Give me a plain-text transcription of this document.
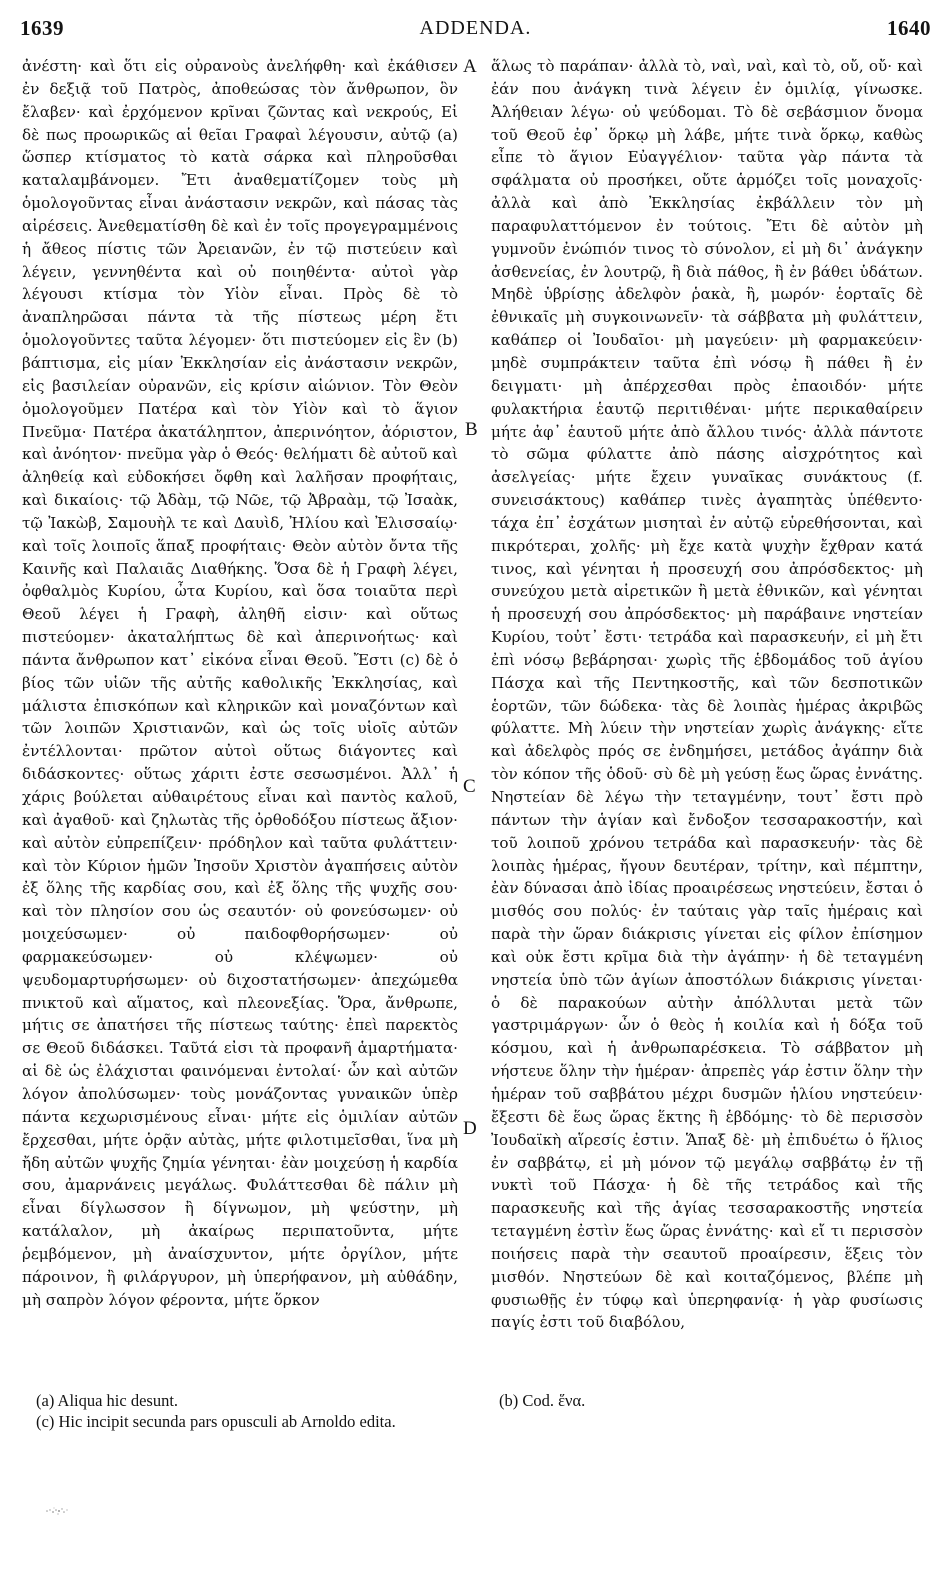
1639	ADDENDA.	1640

ἀνέστη· καὶ ὅτι εἰς οὐρανοὺς ἀνελήφθη· καὶ ἐκάθισεν ἐν δεξιᾷ τοῦ Πατρὸς, ἀποθεώσας τὸν ἄνθρωπον, ὃν ἔλαβεν· καὶ ἐρχόμενον κρῖναι ζῶντας καὶ νεκρούς, Εἰ δὲ πως προωρικῶς αἱ θεῖαι Γραφαὶ λέγουσιν, αὐτῷ (a) ὥσπερ κτίσματος τὸ κατὰ σάρκα καὶ πληροῦσθαι καταλαμβάνομεν. Ἔτι ἀναθεματίζομεν τοὺς μὴ ὁμολογοῦντας εἶναι ἀνάστασιν νεκρῶν, καὶ πάσας τὰς αἱρέσεις. Ἀνεθεματίσθη δὲ καὶ ἐν τοῖς προγεγραμμένοις ἡ ἄθεος πίστις τῶν Ἀρειανῶν, ἐν τῷ πιστεύειν καὶ λέγειν, γεννηθέντα καὶ οὐ ποιηθέντα· αὐτοὶ γὰρ λέγουσι κτίσμα τὸν Υἱὸν εἶναι. Πρὸς δὲ τὸ ἀναπληρῶσαι πάντα τὰ τῆς πίστεως μέρη ἔτι ὁμολογοῦντες ταῦτα λέγομεν· ὅτι πιστεύομεν εἰς ἓν (b) βάπτισμα, εἰς μίαν Ἐκκλησίαν εἰς ἀνάστασιν νεκρῶν, εἰς βασιλείαν οὐρανῶν, εἰς κρίσιν αἰώνιον. Τὸν Θεὸν ὁμολογοῦμεν Πατέρα καὶ τὸν Υἱὸν καὶ τὸ ἅγιον Πνεῦμα· Πατέρα ἀκατάληπτον, ἀπερινόητον, ἀόριστον, καὶ ἀνόητον· πνεῦμα γὰρ ὁ Θεός· θελήματι δὲ αὐτοῦ καὶ ἀληθείᾳ καὶ εὐδοκήσει ὄφθη καὶ λαλῆσαν προφήταις, καὶ δικαίοις· τῷ Ἀδὰμ, τῷ Νῶε, τῷ Ἀβραὰμ, τῷ Ἰσαὰκ, τῷ Ἰακὼβ, Σαμουὴλ τε καὶ Δαυὶδ, Ἠλίου καὶ Ἐλισσαίῳ· καὶ τοῖς λοιποῖς ἅπαξ προφήταις· Θεὸν αὐτὸν ὄντα τῆς Καινῆς καὶ Παλαιᾶς Διαθήκης. Ὅσα δὲ ἡ Γραφὴ λέγει, ὀφθαλμὸς Κυρίου, ὦτα Κυρίου, καὶ ὅσα τοιαῦτα περὶ Θεοῦ λέγει ἡ Γραφὴ, ἀληθῆ εἰσιν· καὶ οὕτως πιστεύομεν· ἀκαταλήπτως δὲ καὶ ἀπερινοήτως· καὶ πάντα ἄνθρωπον κατ᾽ εἰκόνα εἶναι Θεοῦ. Ἔστι (c) δὲ ὁ βίος τῶν υἱῶν τῆς αὐτῆς καθολικῆς Ἐκκλησίας, καὶ μάλιστα ἐπισκόπων καὶ κληρικῶν καὶ μοναζόντων καὶ τῶν λοιπῶν Χριστιανῶν, καὶ ὡς τοῖς υἱοῖς αὐτῶν ἐντέλλονται· πρῶτον αὐτοὶ οὕτως διάγοντες καὶ διδάσκοντες· οὕτως χάριτι ἐστε σεσωσμένοι. Ἀλλ᾽ ἡ χάρις βούλεται αὐθαιρέτους εἶναι καὶ παντὸς καλοῦ, καὶ ἀγαθοῦ· καὶ ζηλωτὰς τῆς ὀρθοδόξου πίστεως ἄξιον· καὶ αὐτὸν εὐπρεπίζειν· πρόδηλον καὶ ταῦτα φυλάττειν· καὶ τὸν Κύριον ἡμῶν Ἰησοῦν Χριστὸν ἀγαπήσεις αὐτὸν ἐξ ὅλης τῆς καρδίας σου, καὶ ἐξ ὅλης τῆς ψυχῆς σου· καὶ τὸν πλησίον σου ὡς σεαυτόν· οὐ φονεύσωμεν· οὐ μοιχεύσωμεν· οὐ παιδοφθορήσωμεν· οὐ φαρμακεύσωμεν· οὐ κλέψωμεν· οὐ ψευδομαρτυρήσωμεν· οὐ διχοστατήσωμεν· ἀπεχώμεθα πνικτοῦ καὶ αἵματος, καὶ πλεονεξίας. Ὅρα, ἄνθρωπε, μήτις σε ἀπατήσει τῆς πίστεως ταύτης· ἐπεὶ παρεκτὸς σε Θεοῦ διδάσκει. Ταῦτά εἰσι τὰ προφανῆ ἁμαρτήματα· αἱ δὲ ὡς ἐλάχισται φαινόμεναι ἐντολαί· ὧν καὶ αὐτῶν λόγον ἀπολύσωμεν· τοὺς μονάζοντας γυναικῶν ὑπὲρ πάντα κεχωρισμένους εἶναι· μήτε εἰς ὁμιλίαν αὐτῶν ἔρχεσθαι, μήτε ὁρᾷν αὐτὰς, μήτε φιλοτιμεῖσθαι, ἵνα μὴ ἤδη αὐτῶν ψυχῆς ζημία γένηται· ἐὰν μοιχεύσῃ ἡ καρδία σου, ἀμαρνάνεις μεγάλως. Φυλάττεσθαι δὲ πάλιν μὴ εἶναι δίγλωσσον ἢ δίγνωμον, μὴ ψεύστην, μὴ κατάλαλον, μὴ ἀκαίρως περιπατοῦντα, μήτε ῥεμβόμενον, μὴ ἀναίσχυντον, μήτε ὀργίλον, μήτε πάροινον, ἢ φιλάργυρον, μὴ ὑπερήφανον, μὴ αὐθάδην, μὴ σαπρὸν λόγον φέροντα, μήτε ὅρκον

A
B
C
D

ἅλως τὸ παράπαν· ἀλλὰ τὸ, ναὶ, ναὶ, καὶ τὸ, οὔ, οὔ· καὶ ἐάν που ἀνάγκη τινὰ λέγειν ἐν ὁμιλίᾳ, γίνωσκε. Ἀλήθειαν λέγω· οὐ ψεύδομαι. Τὸ δὲ σεβάσμιον ὄνομα τοῦ Θεοῦ ἐφ᾽ ὅρκῳ μὴ λάβε, μήτε τινὰ ὅρκῳ, καθὼς εἶπε τὸ ἅγιον Εὐαγγέλιον· ταῦτα γὰρ πάντα τὰ σφάλματα οὐ προσήκει, οὔτε ἁρμόζει τοῖς μοναχοῖς· ἀλλὰ καὶ ἀπὸ Ἐκκλησίας ἐκβάλλειν τὸν μὴ παραφυλαττόμενον ἐν τούτοις. Ἔτι δὲ αὐτὸν μὴ γυμνοῦν ἐνώπιόν τινος τὸ σύνολον, εἰ μὴ δι᾽ ἀνάγκην ἀσθενείας, ἐν λουτρῷ, ἢ διὰ πάθος, ἢ ἐν βάθει ὑδάτων. Μηδὲ ὑβρίσῃς ἀδελφὸν ῥακὰ, ἢ, μωρόν· ἑορταῖς δὲ ἐθνικαῖς μὴ συγκοινωνεῖν· τὰ σάββατα μὴ φυλάττειν, καθάπερ οἱ Ἰουδαῖοι· μὴ μαγεύειν· μὴ φαρμακεύειν· μηδὲ συμπράκτειν ταῦτα ἐπὶ νόσῳ ἢ πάθει ἢ ἐν δειγματι· μὴ ἀπέρχεσθαι πρὸς ἐπαοιδόν· μήτε φυλακτήρια ἑαυτῷ περιτιθέναι· μήτε περικαθαίρειν μήτε ἀφ᾽ ἑαυτοῦ μήτε ἀπὸ ἄλλου τινός· ἀλλὰ πάντοτε τὸ σῶμα φύλαττε ἀπὸ πάσης αἰσχρότητος καὶ ἀσελγείας· μήτε ἔχειν γυναῖκας συνάκτους (f. συνεισάκτους) καθάπερ τινὲς ἀγαπητὰς ὑπέθεντο· τάχα ἐπ᾽ ἐσχάτων μισηταὶ ἐν αὐτῷ εὑρεθήσονται, καὶ πικρότεραι, χολῆς· μὴ ἔχε κατὰ ψυχὴν ἔχθραν κατά τινος, καὶ γένηται ἡ προσευχή σου ἀπρόσδεκτος· μὴ συνεύχου μετὰ αἱρετικῶν ἢ μετὰ ἐθνικῶν, καὶ γένηται ἡ προσευχή σου ἀπρόσδεκτος· μὴ παράβαινε νηστείαν Κυρίου, τοὐτ᾽ ἔστι· τετράδα καὶ παρασκευήν, εἰ μὴ ἔτι ἐπὶ νόσῳ βεβάρησαι· χωρὶς τῆς ἑβδομάδος τοῦ ἁγίου Πάσχα καὶ τῆς Πεντηκοστῆς, καὶ τῶν δεσποτικῶν ἑορτῶν, τῶν δώδεκα· τὰς δὲ λοιπὰς ἡμέρας ἀκριβῶς φύλαττε. Μὴ λύειν τὴν νηστείαν χωρὶς ἀνάγκης· εἴτε καὶ ἀδελφὸς πρός σε ἐνδημήσει, μετάδος ἀγάπην διὰ τὸν κόπον τῆς ὁδοῦ· σὺ δὲ μὴ γεύσῃ ἕως ὥρας ἐννάτης. Νηστείαν δὲ λέγω τὴν τεταγμένην, τουτ᾽ ἔστι πρὸ πάντων τὴν ἁγίαν καὶ ἔνδοξον τεσσαρακοστήν, καὶ τοῦ λοιποῦ χρόνου τετράδα καὶ παρασκευήν· τὰς δὲ λοιπὰς ἡμέρας, ἤγουν δευτέραν, τρίτην, καὶ πέμπτην, ἐὰν δύνασαι ἀπὸ ἰδίας προαιρέσεως νηστεύειν, ἔσται ὁ μισθός σου πολύς· ἐν ταύταις γὰρ ταῖς ἡμέραις καὶ παρὰ τὴν ὥραν διάκρισις γίνεται εἰς φίλον ἐπίσημον καὶ οὐκ ἔστι κρῖμα διὰ τὴν ἀγάπην· ἡ δὲ τεταγμένη νηστεία ὑπὸ τῶν ἁγίων ἀποστόλων διάκρισις γίνεται· ὁ δὲ παρακούων αὐτὴν ἀπόλλυται μετὰ τῶν γαστριμάργων· ὧν ὁ θεὸς ἡ κοιλία καὶ ἡ δόξα τοῦ κόσμου, καὶ ἡ ἀνθρωπαρέσκεια. Τὸ σάββατον μὴ νήστευε ὅλην τὴν ἡμέραν· ἀπρεπὲς γάρ ἐστιν ὅλην τὴν ἡμέραν τοῦ σαββάτου μέχρι δυσμῶν ἡλίου νηστεύειν· ἔξεστι δὲ ἕως ὥρας ἕκτης ἢ ἑβδόμης· τὸ δὲ περισσὸν Ἰουδαϊκὴ αἵρεσίς ἐστιν. Ἅπαξ δὲ· μὴ ἐπιδυέτω ὁ ἥλιος ἐν σαββάτῳ, εἰ μὴ μόνον τῷ μεγάλῳ σαββάτῳ ἐν τῇ νυκτὶ τοῦ Πάσχα· ἡ δὲ τῆς τετράδος καὶ τῆς παρασκευῆς καὶ τῆς ἁγίας τεσσαρακοστῆς νηστεία τεταγμένη ἐστὶν ἕως ὥρας ἐννάτης· καὶ εἴ τι περισσὸν ποιήσεις παρὰ τὴν σεαυτοῦ προαίρεσιν, ἕξεις τὸν μισθόν. Νηστεύων δὲ καὶ κοιταζόμενος, βλέπε μὴ φυσιωθῇς ἐν τύφῳ καὶ ὑπερηφανίᾳ· ἡ γὰρ φυσίωσις παγίς ἐστι τοῦ διαβόλου,

(a) Aliqua hic desunt.	(b) Cod. ἕνα.
(c) Hic incipit secunda pars opusculi ab Arnoldo edita.
